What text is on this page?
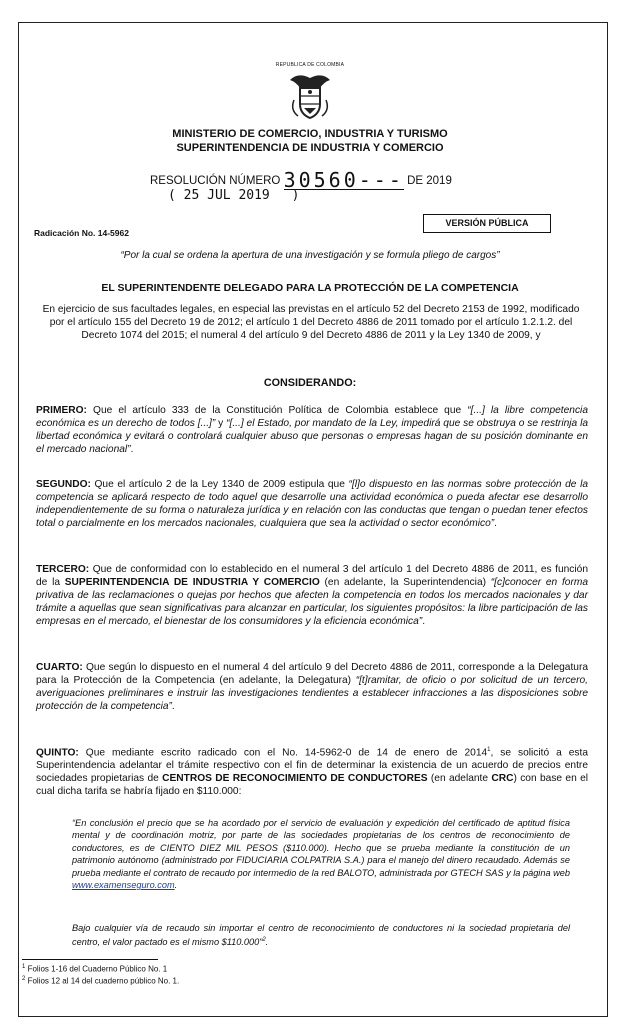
REPUBLICA DE COLOMBIA
MINISTERIO DE COMERCIO, INDUSTRIA Y TURISMO
SUPERINTENDENCIA DE INDUSTRIA Y COMERCIO
RESOLUCIÓN NÚMERO 30560--- DE 2019
( 25 JUL 2019 )
Radicación No. 14-5962
VERSIÓN PÚBLICA
“Por la cual se ordena la apertura de una investigación y se formula pliego de cargos”
EL SUPERINTENDENTE DELEGADO PARA LA PROTECCIÓN DE LA COMPETENCIA
En ejercicio de sus facultades legales, en especial las previstas en el artículo 52 del Decreto 2153 de 1992, modificado por el artículo 155 del Decreto 19 de 2012; el artículo 1 del Decreto 4886 de 2011 tomado por el artículo 1.2.1.2. del Decreto 1074 del 2015; el numeral 4 del artículo 9 del Decreto 4886 de 2011 y la Ley 1340 de 2009, y
CONSIDERANDO:
PRIMERO: Que el artículo 333 de la Constitución Política de Colombia establece que “[...] la libre competencia económica es un derecho de todos [...]” y “[...] el Estado, por mandato de la Ley, impedirá que se obstruya o se restrinja la libertad económica y evitará o controlará cualquier abuso que personas o empresas hagan de su posición dominante en el mercado nacional”.
SEGUNDO: Que el artículo 2 de la Ley 1340 de 2009 estipula que “[l]o dispuesto en las normas sobre protección de la competencia se aplicará respecto de todo aquel que desarrolle una actividad económica o pueda afectar ese desarrollo independientemente de su forma o naturaleza jurídica y en relación con las conductas que tengan o puedan tener efectos total o parcialmente en los mercados nacionales, cualquiera que sea la actividad o sector económico”.
TERCERO: Que de conformidad con lo establecido en el numeral 3 del artículo 1 del Decreto 4886 de 2011, es función de la SUPERINTENDENCIA DE INDUSTRIA Y COMERCIO (en adelante, la Superintendencia) “[c]conocer en forma privativa de las reclamaciones o quejas por hechos que afecten la competencia en todos los mercados nacionales y dar trámite a aquellas que sean significativas para alcanzar en particular, los siguientes propósitos: la libre participación de las empresas en el mercado, el bienestar de los consumidores y la eficiencia económica”.
CUARTO: Que según lo dispuesto en el numeral 4 del artículo 9 del Decreto 4886 de 2011, corresponde a la Delegatura para la Protección de la Competencia (en adelante, la Delegatura) “[t]ramitar, de oficio o por solicitud de un tercero, averiguaciones preliminares e instruir las investigaciones tendientes a establecer infracciones a las disposiciones sobre protección de la competencia”.
QUINTO: Que mediante escrito radicado con el No. 14-5962-0 de 14 de enero de 2014$^1$, se solicitó a esta Superintendencia adelantar el trámite respectivo con el fin de determinar la existencia de un acuerdo de precios entre sociedades propietarias de CENTROS DE RECONOCIMIENTO DE CONDUCTORES (en adelante CRC) con base en el cual dicha tarifa se habría fijado en $110.000:
“En conclusión el precio que se ha acordado por el servicio de evaluación y expedición del certificado de aptitud física mental y de coordinación motriz, por parte de las sociedades propietarias de los centros de reconocimiento de conductores, es de CIENTO DIEZ MIL PESOS ($110.000). Hecho que se prueba mediante la constitución de un patrimonio autónomo (administrado por FIDUCIARIA COLPATRIA S.A.) para el manejo del dinero recaudado. Además se prueba mediante el contrato de recaudo por intermedio de la red BALOTO, administrada por GTECH SAS y la página web www.examenseguro.com.
Bajo cualquier vía de recaudo sin importar el centro de reconocimiento de conductores ni la sociedad propietaria del centro, el valor pactado es el mismo $110.000”$^2$.
$^1$ Folios 1-16 del Cuaderno Público No. 1
$^2$ Folios 12 al 14 del cuaderno público No. 1.
